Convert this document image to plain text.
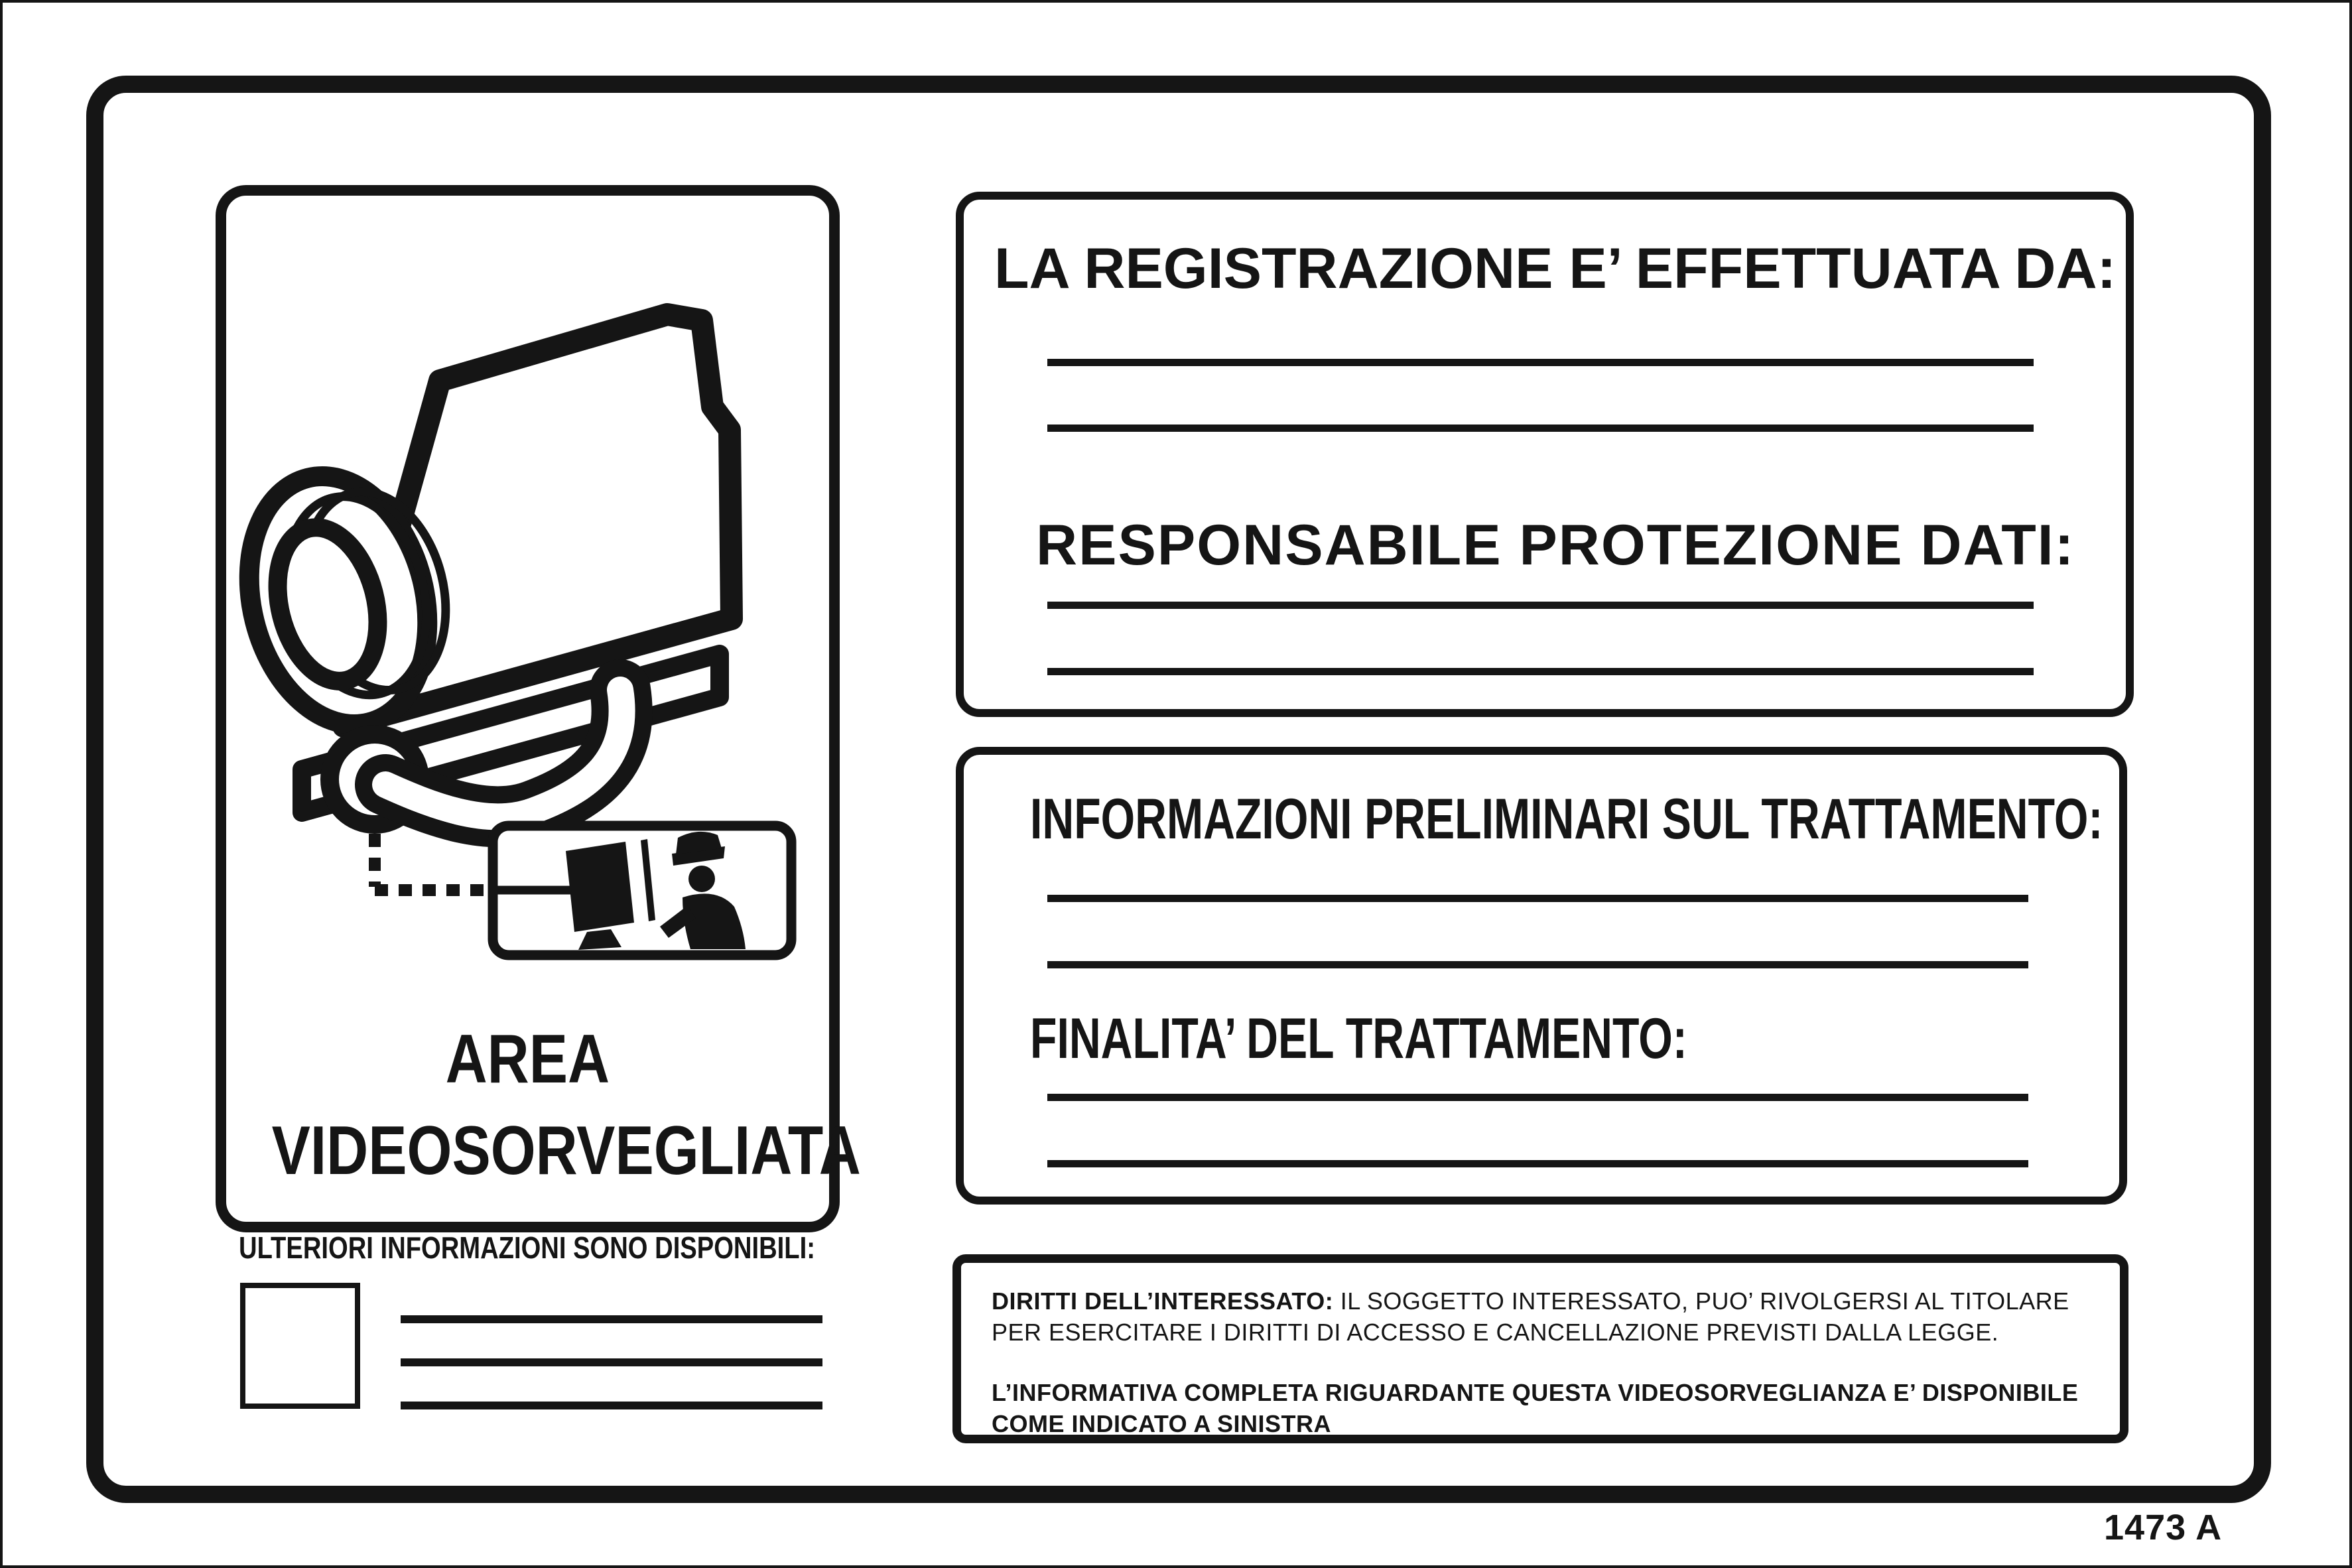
AREA
VIDEOSORVEGLIATA
ULTERIORI INFORMAZIONI SONO DISPONIBILI:
LA REGISTRAZIONE E’ EFFETTUATA DA:
RESPONSABILE PROTEZIONE DATI:
INFORMAZIONI PRELIMINARI SUL TRATTAMENTO:
FINALITA’ DEL TRATTAMENTO:

DIRITTI DELL’INTERESSATO: IL SOGGETTO INTERESSATO, PUO’ RIVOLGERSI AL TITOLARE PER ESERCITARE I DIRITTI DI ACCESSO E CANCELLAZIONE PREVISTI DALLA LEGGE.

L’INFORMATIVA COMPLETA RIGUARDANTE QUESTA VIDEOSORVEGLIANZA E’ DISPONIBILE COME INDICATO A SINISTRA

1473 A
